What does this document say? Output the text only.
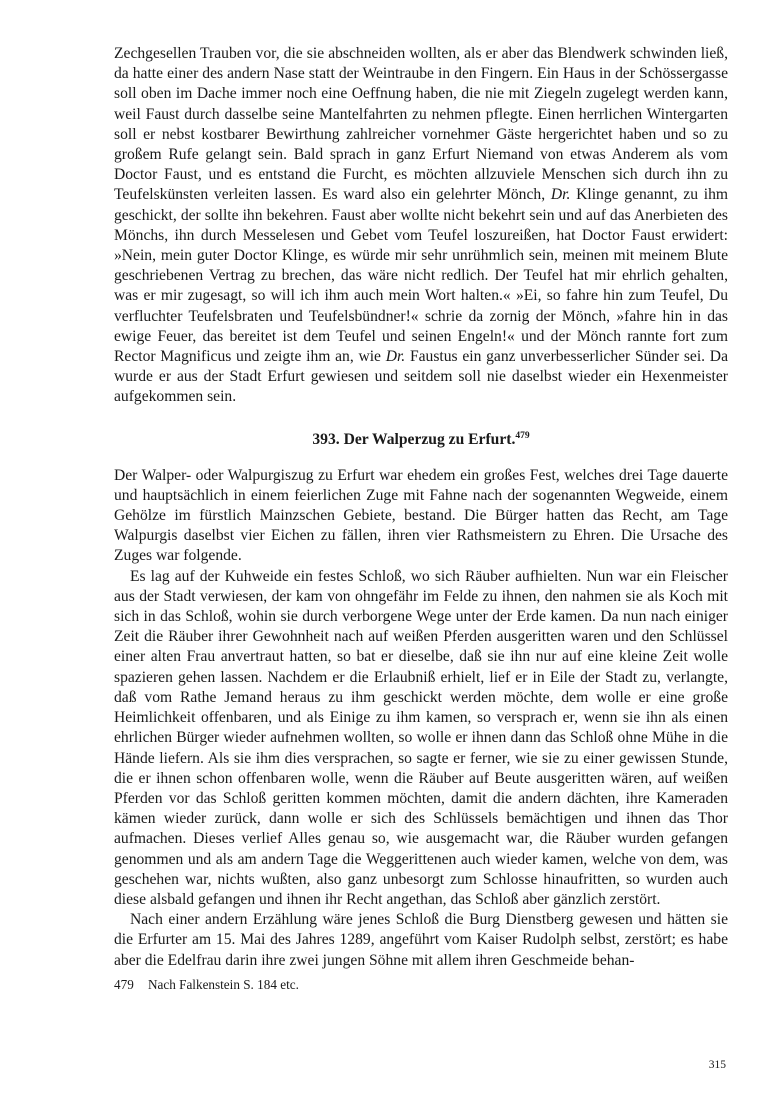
Zechgesellen Trauben vor, die sie abschneiden wollten, als er aber das Blendwerk schwinden ließ, da hatte einer des andern Nase statt der Weintraube in den Fingern. Ein Haus in der Schössergasse soll oben im Dache immer noch eine Oeffnung haben, die nie mit Ziegeln zugelegt werden kann, weil Faust durch dasselbe seine Mantelfahrten zu nehmen pflegte. Einen herrlichen Wintergarten soll er nebst kostbarer Bewirthung zahlreicher vornehmer Gäste hergerichtet haben und so zu großem Rufe gelangt sein. Bald sprach in ganz Erfurt Niemand von etwas Anderem als vom Doctor Faust, und es entstand die Furcht, es möchten allzuviele Menschen sich durch ihn zu Teufelskünsten verleiten lassen. Es ward also ein gelehrter Mönch, Dr. Klinge genannt, zu ihm geschickt, der sollte ihn bekehren. Faust aber wollte nicht bekehrt sein und auf das Anerbieten des Mönchs, ihn durch Messelesen und Gebet vom Teufel loszureißen, hat Doctor Faust erwidert: »Nein, mein guter Doctor Klinge, es würde mir sehr unrühmlich sein, meinen mit meinem Blute geschriebenen Vertrag zu brechen, das wäre nicht redlich. Der Teufel hat mir ehrlich gehalten, was er mir zugesagt, so will ich ihm auch mein Wort halten.« »Ei, so fahre hin zum Teufel, Du verfluchter Teufelsbraten und Teufelsbündner!« schrie da zornig der Mönch, »fahre hin in das ewige Feuer, das bereitet ist dem Teufel und seinen Engeln!« und der Mönch rannte fort zum Rector Magnificus und zeigte ihm an, wie Dr. Faustus ein ganz unverbesserlicher Sünder sei. Da wurde er aus der Stadt Erfurt gewiesen und seitdem soll nie daselbst wieder ein Hexenmeister aufgekommen sein.

393. Der Walperzug zu Erfurt.$^{479}$

Der Walper- oder Walpurgiszug zu Erfurt war ehedem ein großes Fest, welches drei Tage dauerte und hauptsächlich in einem feierlichen Zuge mit Fahne nach der sogenannten Wegweide, einem Gehölze im fürstlich Mainzschen Gebiete, bestand. Die Bürger hatten das Recht, am Tage Walpurgis daselbst vier Eichen zu fällen, ihren vier Rathsmeistern zu Ehren. Die Ursache des Zuges war folgende.

Es lag auf der Kuhweide ein festes Schloß, wo sich Räuber aufhielten. Nun war ein Fleischer aus der Stadt verwiesen, der kam von ohngefähr im Felde zu ihnen, den nahmen sie als Koch mit sich in das Schloß, wohin sie durch verborgene Wege unter der Erde kamen. Da nun nach einiger Zeit die Räuber ihrer Gewohnheit nach auf weißen Pferden ausgeritten waren und den Schlüssel einer alten Frau anvertraut hatten, so bat er dieselbe, daß sie ihn nur auf eine kleine Zeit wolle spazieren gehen lassen. Nachdem er die Erlaubniß erhielt, lief er in Eile der Stadt zu, verlangte, daß vom Rathe Jemand heraus zu ihm geschickt werden möchte, dem wolle er eine große Heimlichkeit offenbaren, und als Einige zu ihm kamen, so versprach er, wenn sie ihn als einen ehrlichen Bürger wieder aufnehmen wollten, so wolle er ihnen dann das Schloß ohne Mühe in die Hände liefern. Als sie ihm dies versprachen, so sagte er ferner, wie sie zu einer gewissen Stunde, die er ihnen schon offenbaren wolle, wenn die Räuber auf Beute ausgeritten wären, auf weißen Pferden vor das Schloß geritten kommen möchten, damit die andern dächten, ihre Kameraden kämen wieder zurück, dann wolle er sich des Schlüssels bemächtigen und ihnen das Thor aufmachen. Dieses verlief Alles genau so, wie ausgemacht war, die Räuber wurden gefangen genommen und als am andern Tage die Weggerittenen auch wieder kamen, welche von dem, was geschehen war, nichts wußten, also ganz unbesorgt zum Schlosse hinaufritten, so wurden auch diese alsbald gefangen und ihnen ihr Recht angethan, das Schloß aber gänzlich zerstört.

Nach einer andern Erzählung wäre jenes Schloß die Burg Dienstberg gewesen und hätten sie die Erfurter am 15. Mai des Jahres 1289, angeführt vom Kaiser Rudolph selbst, zerstört; es habe aber die Edelfrau darin ihre zwei jungen Söhne mit allem ihren Geschmeide behan-

479 Nach Falkenstein S. 184 etc.
315
